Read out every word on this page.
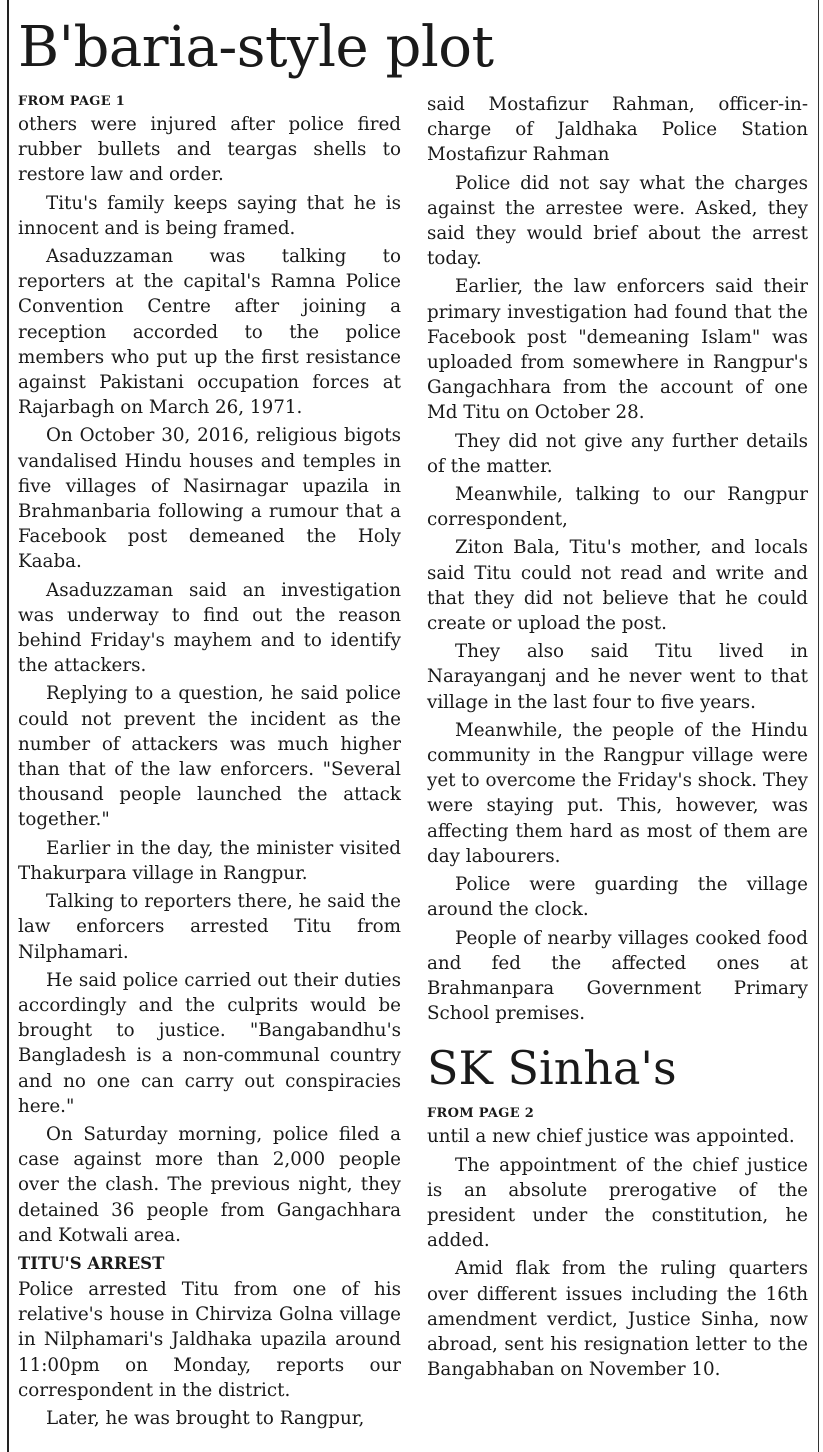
B'baria-style plot

FROM PAGE 1

others were injured after police fired rubber bullets and teargas shells to restore law and order.

Titu's family keeps saying that he is innocent and is being framed.

Asaduzzaman was talking to reporters at the capital's Ramna Police Convention Centre after joining a reception accorded to the police members who put up the first resistance against Pakistani occupation forces at Rajarbagh on March 26, 1971.

On October 30, 2016, religious bigots vandalised Hindu houses and temples in five villages of Nasirnagar upazila in Brahmanbaria following a rumour that a Facebook post demeaned the Holy Kaaba.

Asaduzzaman said an investigation was underway to find out the reason behind Friday's mayhem and to identify the attackers.

Replying to a question, he said police could not prevent the incident as the number of attackers was much higher than that of the law enforcers. "Several thousand people launched the attack together."

Earlier in the day, the minister visited Thakurpara village in Rangpur.

Talking to reporters there, he said the law enforcers arrested Titu from Nilphamari.

He said police carried out their duties accordingly and the culprits would be brought to justice. "Bangabandhu's Bangladesh is a non-communal country and no one can carry out conspiracies here."

On Saturday morning, police filed a case against more than 2,000 people over the clash. The previous night, they detained 36 people from Gangachhara and Kotwali area.

TITU'S ARREST

Police arrested Titu from one of his relative's house in Chirviza Golna village in Nilphamari's Jaldhaka upazila around 11:00pm on Monday, reports our correspondent in the district.

Later, he was brought to Rangpur,

said Mostafizur Rahman, officer-in-charge of Jaldhaka Police Station Mostafizur Rahman

Police did not say what the charges against the arrestee were. Asked, they said they would brief about the arrest today.

Earlier, the law enforcers said their primary investigation had found that the Facebook post "demeaning Islam" was uploaded from somewhere in Rangpur's Gangachhara from the account of one Md Titu on October 28.

They did not give any further details of the matter.

Meanwhile, talking to our Rangpur correspondent,

Ziton Bala, Titu's mother, and locals said Titu could not read and write and that they did not believe that he could create or upload the post.

They also said Titu lived in Narayanganj and he never went to that village in the last four to five years.

Meanwhile, the people of the Hindu community in the Rangpur village were yet to overcome the Friday's shock. They were staying put. This, however, was affecting them hard as most of them are day labourers.

Police were guarding the village around the clock.

People of nearby villages cooked food and fed the affected ones at Brahmanpara Government Primary School premises.

SK Sinha's

FROM PAGE 2

until a new chief justice was appointed.

The appointment of the chief justice is an absolute prerogative of the president under the constitution, he added.

Amid flak from the ruling quarters over different issues including the 16th amendment verdict, Justice Sinha, now abroad, sent his resignation letter to the Bangabhaban on November 10.
